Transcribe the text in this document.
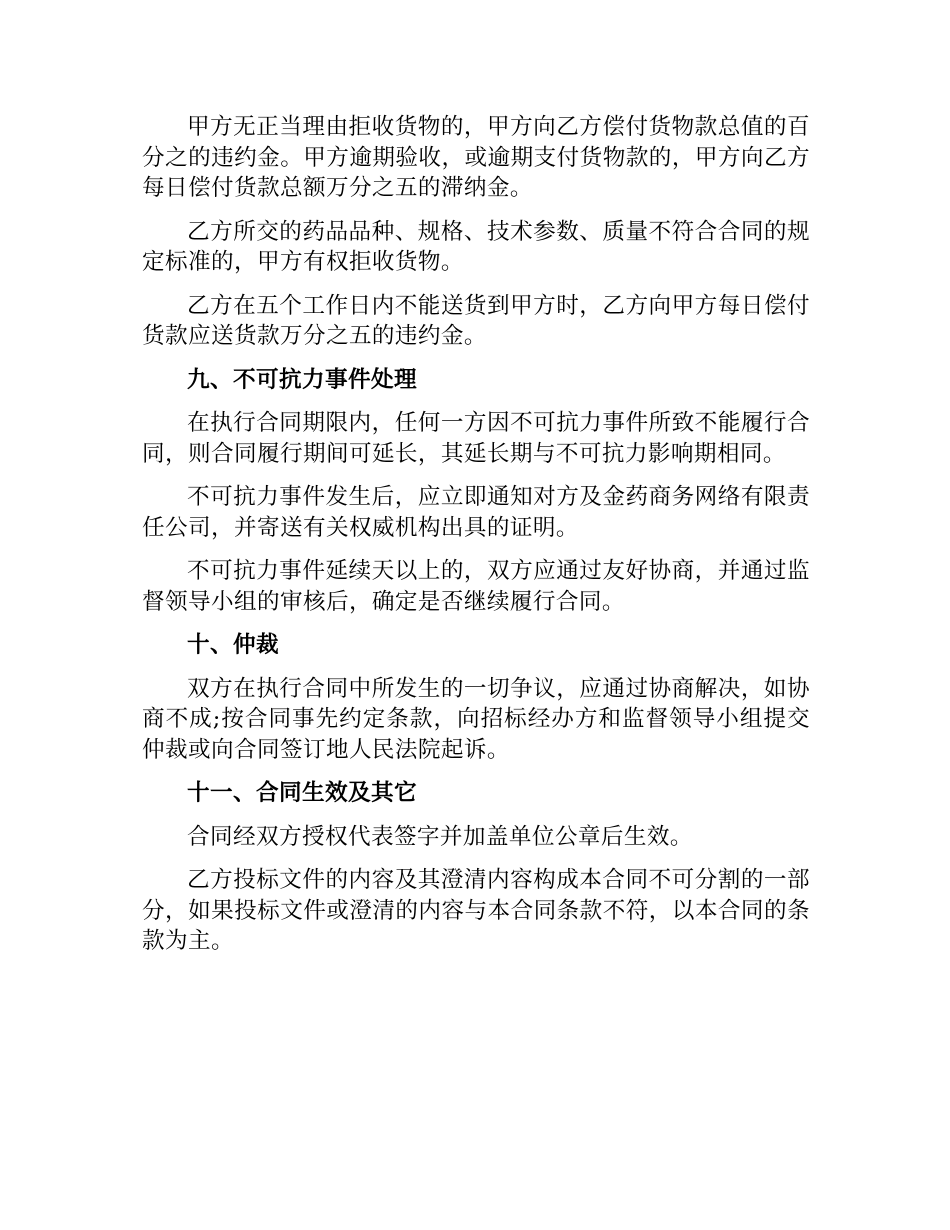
甲方无正当理由拒收货物的，甲方向乙方偿付货物款总值的百分之的违约金。甲方逾期验收，或逾期支付货物款的，甲方向乙方每日偿付货款总额万分之五的滞纳金。

乙方所交的药品品种、规格、技术参数、质量不符合合同的规定标准的，甲方有权拒收货物。

乙方在五个工作日内不能送货到甲方时，乙方向甲方每日偿付货款应送货款万分之五的违约金。

九、不可抗力事件处理

在执行合同期限内，任何一方因不可抗力事件所致不能履行合同，则合同履行期间可延长，其延长期与不可抗力影响期相同。

不可抗力事件发生后，应立即通知对方及金药商务网络有限责任公司，并寄送有关权威机构出具的证明。

不可抗力事件延续天以上的，双方应通过友好协商，并通过监督领导小组的审核后，确定是否继续履行合同。

十、仲裁

双方在执行合同中所发生的一切争议，应通过协商解决，如协商不成;按合同事先约定条款，向招标经办方和监督领导小组提交仲裁或向合同签订地人民法院起诉。

十一、合同生效及其它

合同经双方授权代表签字并加盖单位公章后生效。

乙方投标文件的内容及其澄清内容构成本合同不可分割的一部分，如果投标文件或澄清的内容与本合同条款不符，以本合同的条款为主。
